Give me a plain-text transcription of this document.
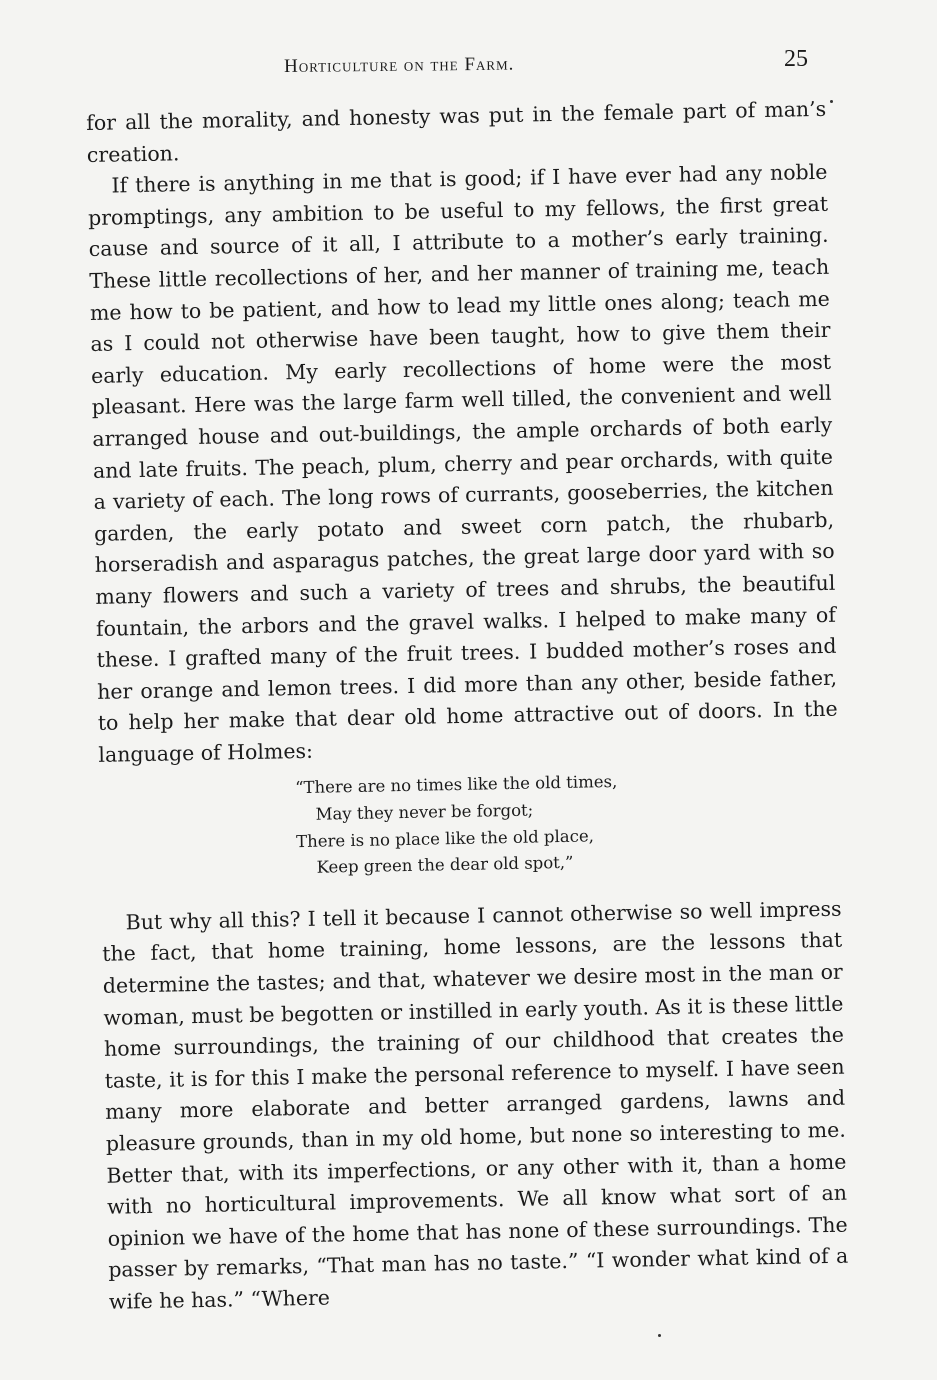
Horticulture on the Farm.	25

for all the morality, and honesty was put in the female part of man’s creation.

If there is anything in me that is good; if I have ever had any noble promptings, any ambition to be useful to my fellows, the first great cause and source of it all, I attribute to a mother’s early training. These little recollections of her, and her manner of training me, teach me how to be patient, and how to lead my little ones along; teach me as I could not otherwise have been taught, how to give them their early education. My early recollections of home were the most pleasant. Here was the large farm well tilled, the convenient and well arranged house and out-buildings, the ample orchards of both early and late fruits. The peach, plum, cherry and pear orchards, with quite a variety of each. The long rows of currants, gooseberries, the kitchen garden, the early potato and sweet corn patch, the rhubarb, horseradish and asparagus patches, the great large door yard with so many flowers and such a variety of trees and shrubs, the beautiful fountain, the arbors and the gravel walks. I helped to make many of these. I grafted many of the fruit trees. I budded mother’s roses and her orange and lemon trees. I did more than any other, beside father, to help her make that dear old home attractive out of doors. In the language of Holmes:

“There are no times like the old times,
May they never be forgot;
There is no place like the old place,
Keep green the dear old spot,”

But why all this? I tell it because I cannot otherwise so well impress the fact, that home training, home lessons, are the lessons that determine the tastes; and that, whatever we desire most in the man or woman, must be begotten or instilled in early youth. As it is these little home surroundings, the training of our childhood that creates the taste, it is for this I make the personal reference to myself. I have seen many more elaborate and better arranged gardens, lawns and pleasure grounds, than in my old home, but none so interesting to me. Better that, with its imperfections, or any other with it, than a home with no horticultural improvements. We all know what sort of an opinion we have of the home that has none of these surroundings. The passer by remarks, “That man has no taste.” “I wonder what kind of a wife he has.” “Where
